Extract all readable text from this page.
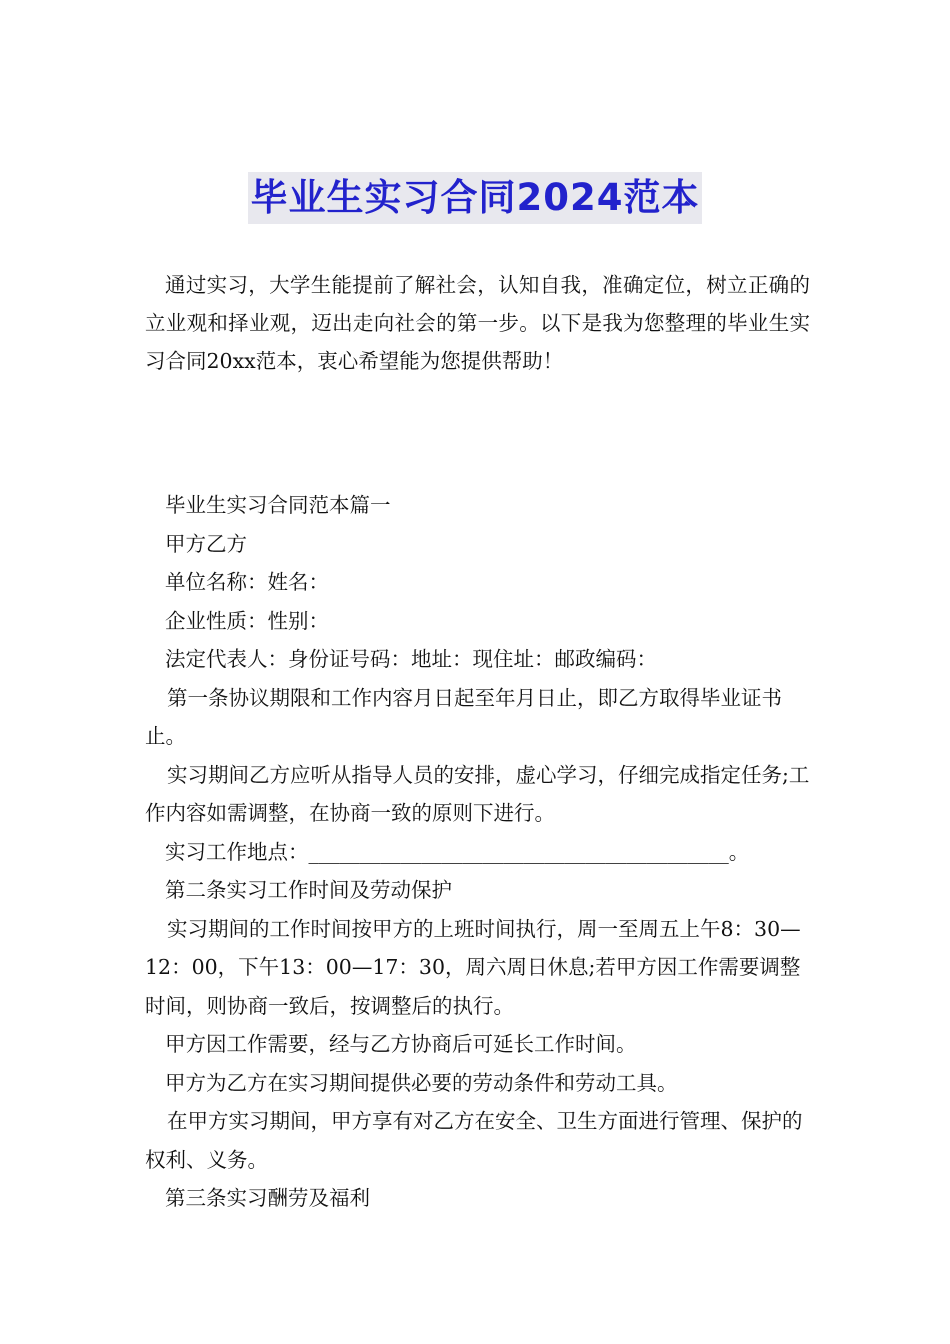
毕业生实习合同2024范本

通过实习，大学生能提前了解社会，认知自我，准确定位，树立正确的立业观和择业观，迈出走向社会的第一步。以下是我为您整理的毕业生实习合同20xx范本，衷心希望能为您提供帮助！

毕业生实习合同范本篇一

甲方乙方

单位名称：姓名：

企业性质：性别：

法定代表人：身份证号码：地址：现住址：邮政编码：

第一条协议期限和工作内容月日起至年月日止，即乙方取得毕业证书止。

实习期间乙方应听从指导人员的安排，虚心学习，仔细完成指定任务;工作内容如需调整，在协商一致的原则下进行。

实习工作地点：_________________________________________。

第二条实习工作时间及劳动保护

实习期间的工作时间按甲方的上班时间执行，周一至周五上午8：30—12：00，下午13：00—17：30，周六周日休息;若甲方因工作需要调整时间，则协商一致后，按调整后的执行。

甲方因工作需要，经与乙方协商后可延长工作时间。

甲方为乙方在实习期间提供必要的劳动条件和劳动工具。

在甲方实习期间，甲方享有对乙方在安全、卫生方面进行管理、保护的权利、义务。

第三条实习酬劳及福利
